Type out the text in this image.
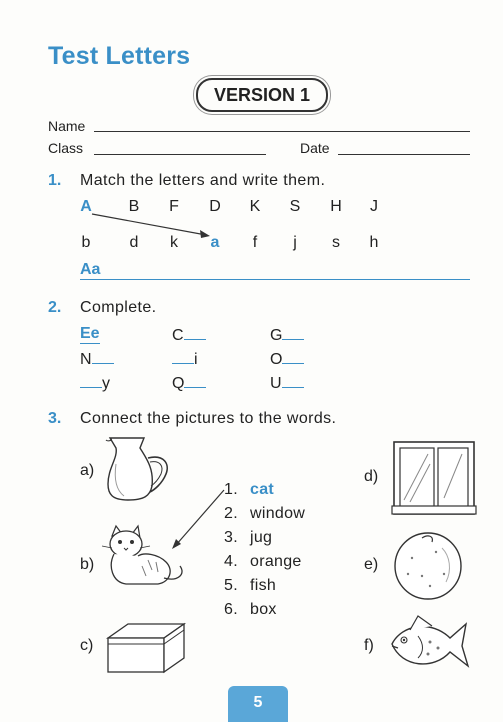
Test Letters
VERSION 1
Name
Class	Date
1. Match the letters and write them.
A	B	F	D	K	S	H	J
b	d	k	a	f	j	s	h
Aa
2. Complete.
Ee	C	G
N	i	O
y	Q	U
3. Connect the pictures to the words.
1. cat
2. window
3. jug
4. orange
5. fish
6. box
a)
b)
c)
d)
e)
f)
5
